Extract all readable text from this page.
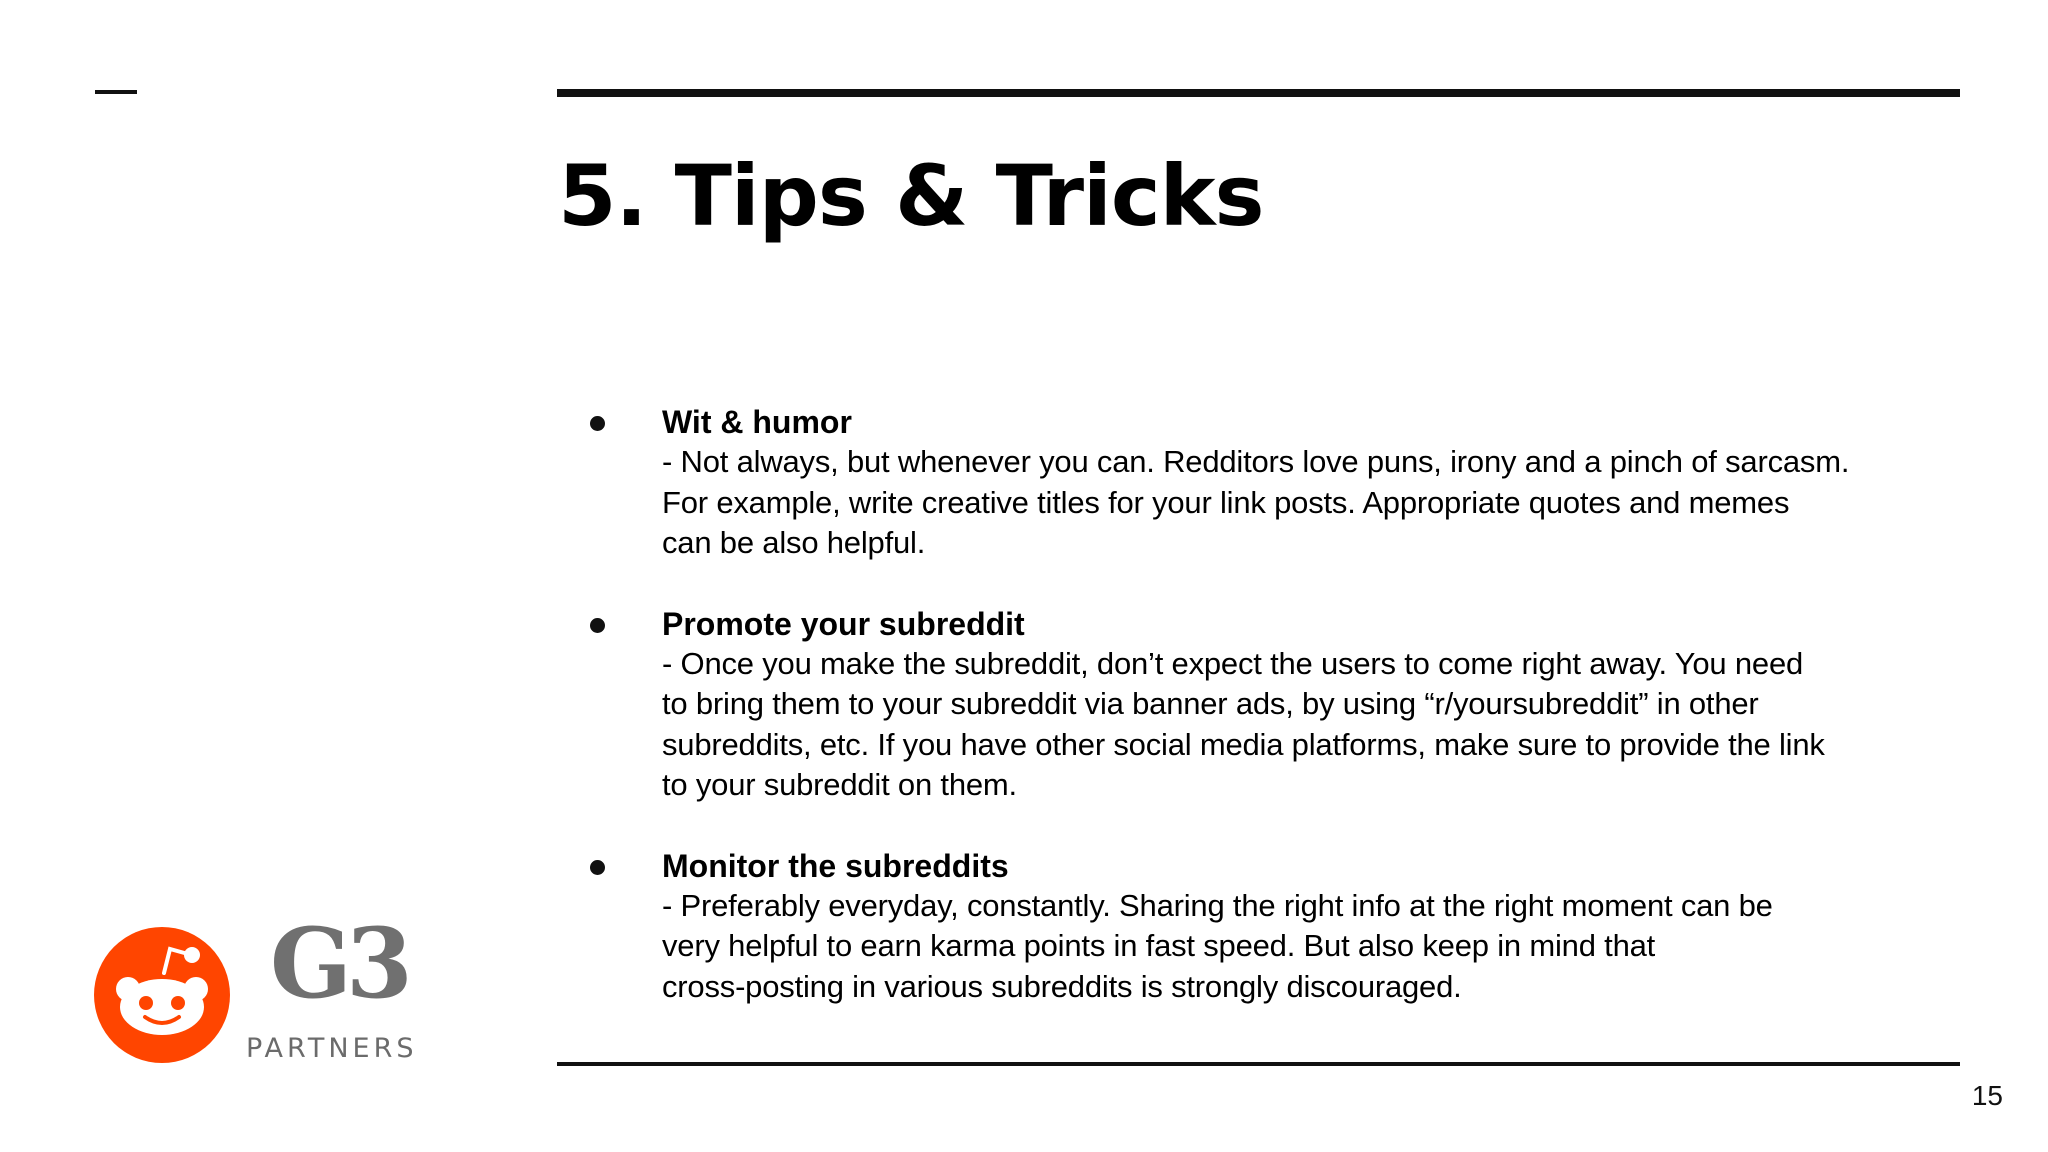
5. Tips & Tricks
Wit & humor
- Not always, but whenever you can. Redditors love puns, irony and a pinch of sarcasm.
For example, write creative titles for your link posts. Appropriate quotes and memes
can be also helpful.
Promote your subreddit
- Once you make the subreddit, don’t expect the users to come right away. You need
to bring them to your subreddit via banner ads, by using “r/yoursubreddit” in other
subreddits, etc. If you have other social media platforms, make sure to provide the link
to your subreddit on them.
Monitor the subreddits
- Preferably everyday, constantly. Sharing the right info at the right moment can be
very helpful to earn karma points in fast speed. But also keep in mind that
cross-posting in various subreddits is strongly discouraged.
G3
PARTNERS
15
